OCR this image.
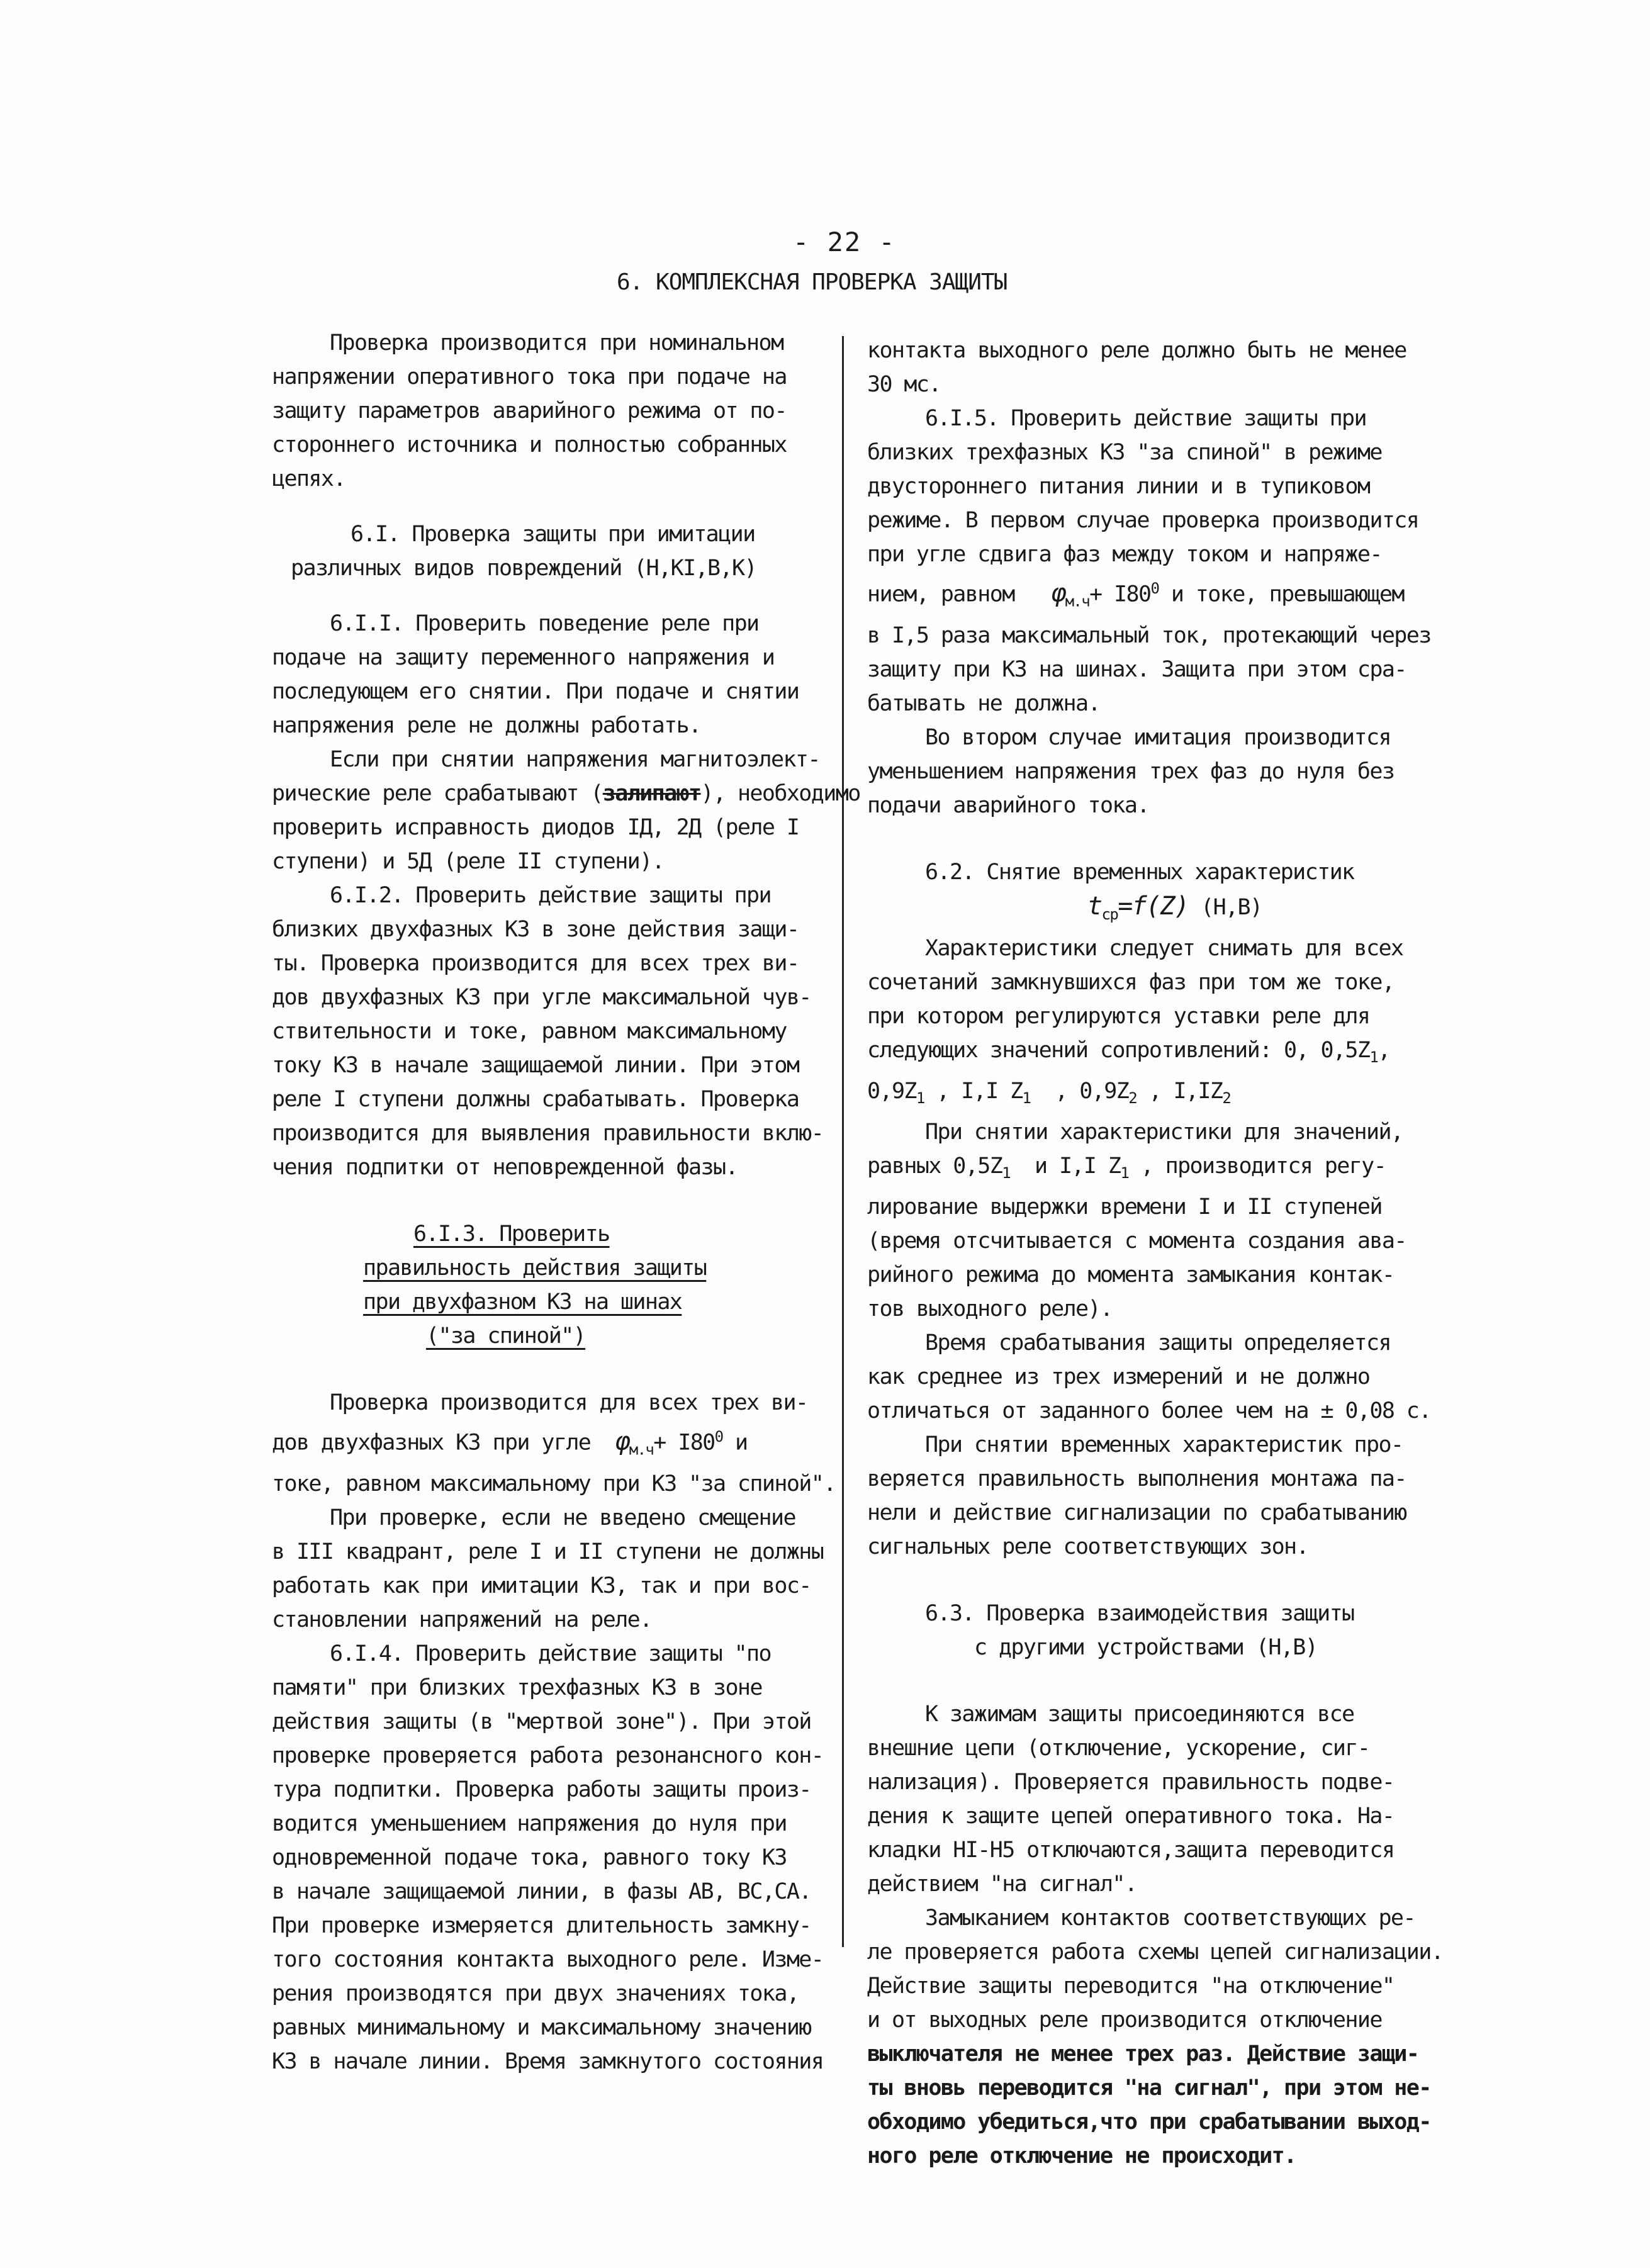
- 22 -
6. КОМПЛЕКСНАЯ ПРОВЕРКА ЗАЩИТЫ

Проверка производится при номинальном

напряжении оперативного тока при подаче на

защиту параметров аварийного режима от по-

стороннего источника и полностью собранных

цепях.

6.I. Проверка защиты при имитации

различных видов повреждений (Н,КI,В,К)

6.I.I. Проверить поведение реле при

подаче на защиту переменного напряжения и

последующем его снятии. При подаче и снятии

напряжения реле не должны работать.

Если при снятии напряжения магнитоэлект-

рические реле срабатывают (залипают), необходимо

проверить исправность диодов IД, 2Д (реле I

ступени) и 5Д (реле II ступени).

6.I.2. Проверить действие защиты при

близких двухфазных КЗ в зоне действия защи-

ты. Проверка производится для всех трех ви-

дов двухфазных КЗ при угле максимальной чув-

ствительности и токе, равном максимальному

току КЗ в начале защищаемой линии. При этом

реле I ступени должны срабатывать. Проверка

производится для выявления правильности вклю-

чения подпитки от неповрежденной фазы.

6.I.3. Проверить

правильность действия защиты

при двухфазном КЗ на шинах

("за спиной")

Проверка производится для всех трех ви-

дов двухфазных КЗ при угле $\varphi_{м.ч}+ I80^0$ и

токе, равном максимальному при КЗ "за спиной".

При проверке, если не введено смещение

в III квадрант, реле I и II ступени не должны

работать как при имитации КЗ, так и при вос-

становлении напряжений на реле.

6.I.4. Проверить действие защиты "по

памяти" при близких трехфазных КЗ в зоне

действия защиты (в "мертвой зоне"). При этой

проверке проверяется работа резонансного кон-

тура подпитки. Проверка работы защиты произ-

водится уменьшением напряжения до нуля при

одновременной подаче тока, равного току КЗ

в начале защищаемой линии, в фазы АВ, ВС,СА.

При проверке измеряется длительность замкну-

того состояния контакта выходного реле. Изме-

рения производятся при двух значениях тока,

равных минимальному и максимальному значению

КЗ в начале линии. Время замкнутого состояния

контакта выходного реле должно быть не менее

30 мс.

6.I.5. Проверить действие защиты при

близких трехфазных КЗ "за спиной" в режиме

двустороннего питания линии и в тупиковом

режиме. В первом случае проверка производится

при угле сдвига фаз между током и напряже-

нием, равном $\varphi_{м.ч}+ I80^0$ и токе, превышающем

в I,5 раза максимальный ток, протекающий через

защиту при КЗ на шинах. Защита при этом сра-

батывать не должна.

Во втором случае имитация производится

уменьшением напряжения трех фаз до нуля без

подачи аварийного тока.

6.2. Снятие временных характеристик

$t_{ср}=f(Z)$ (Н,В)

Характеристики следует снимать для всех

сочетаний замкнувшихся фаз при том же токе,

при котором регулируются уставки реле для

следующих значений сопротивлений: 0, $0,5Z_1$,

$0,9Z_1$ , I,I $Z_1$ , $0,9Z_2$ , $I,IZ_2$

При снятии характеристики для значений,

равных $0,5Z_1$ и I,I $Z_1$ , производится регу-

лирование выдержки времени I и II ступеней

(время отсчитывается с момента создания ава-

рийного режима до момента замыкания контак-

тов выходного реле).

Время срабатывания защиты определяется

как среднее из трех измерений и не должно

отличаться от заданного более чем на ± 0,08 с.

При снятии временных характеристик про-

веряется правильность выполнения монтажа па-

нели и действие сигнализации по срабатыванию

сигнальных реле соответствующих зон.

6.3. Проверка взаимодействия защиты

с другими устройствами (Н,В)

К зажимам защиты присоединяются все

внешние цепи (отключение, ускорение, сиг-

нализация). Проверяется правильность подве-

дения к защите цепей оперативного тока. На-

кладки НI-Н5 отключаются,защита переводится

действием "на сигнал".

Замыканием контактов соответствующих ре-

ле проверяется работа схемы цепей сигнализации.

Действие защиты переводится "на отключение"

и от выходных реле производится отключение

выключателя не менее трех раз. Действие защи-

ты вновь переводится "на сигнал", при этом не-

обходимо убедиться,что при срабатывании выход-

ного реле отключение не происходит.
